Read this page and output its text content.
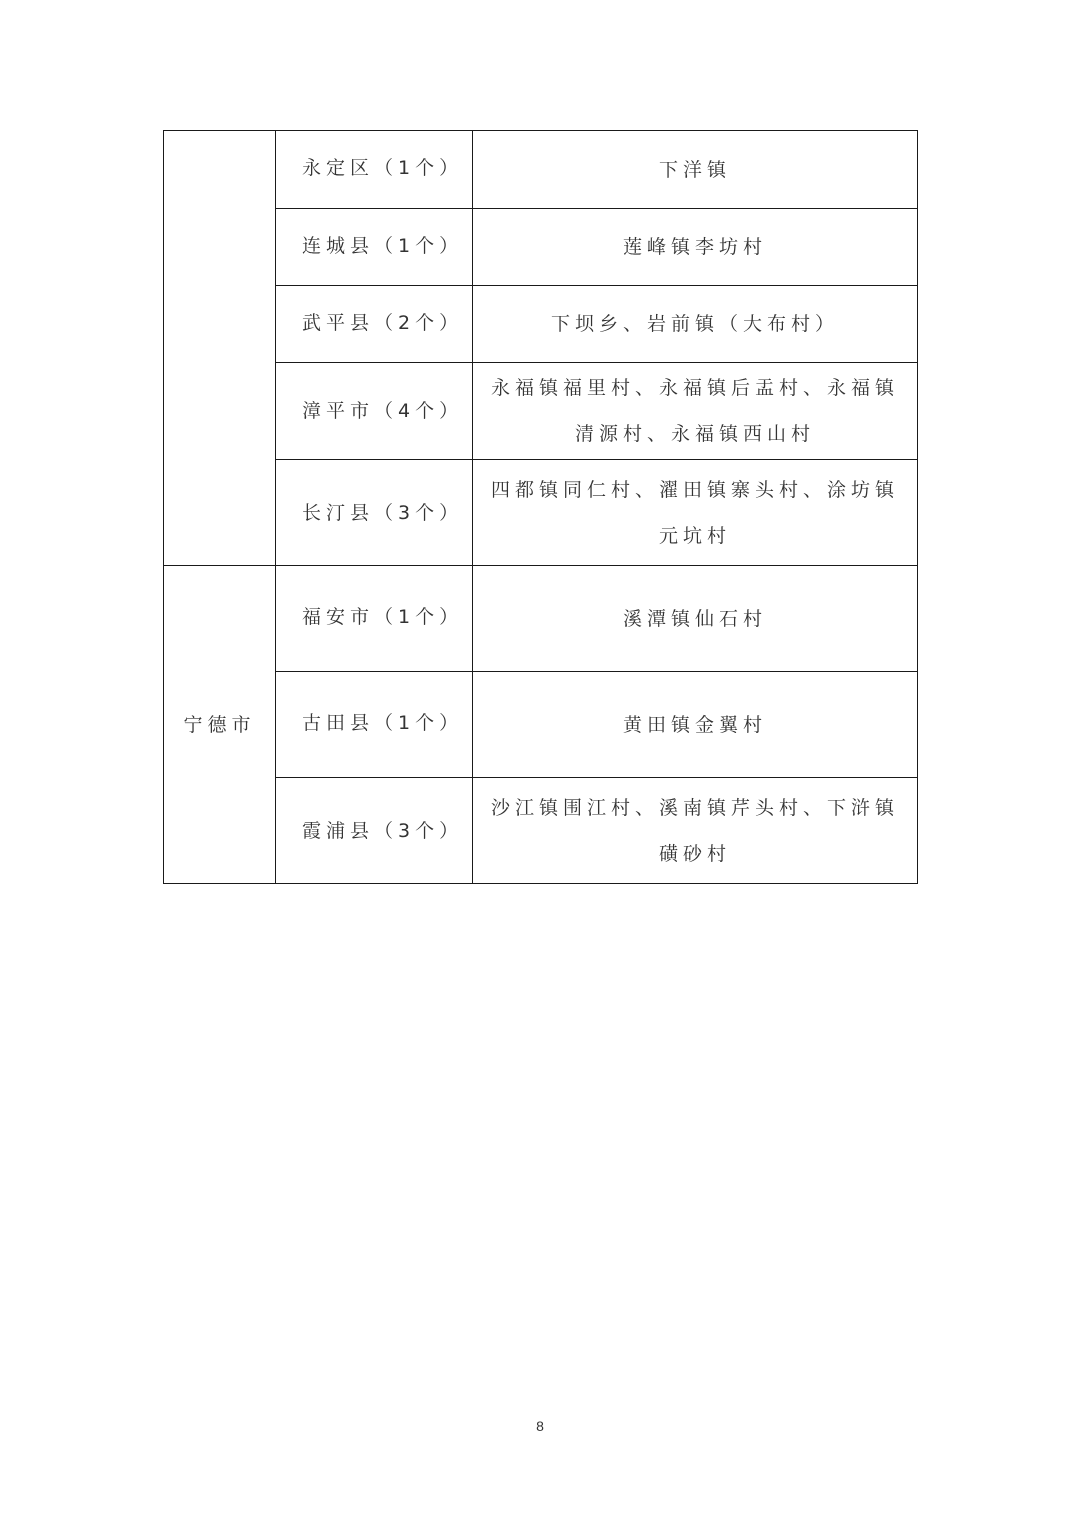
	永定区（1个）	下洋镇

	连城县（1个）	莲峰镇李坊村

	武平县（2个）	下坝乡、岩前镇（大布村）

	漳平市（4个）	永福镇福里村、永福镇后盂村、永福镇清源村、永福镇西山村

	长汀县（3个）	四都镇同仁村、濯田镇寨头村、涂坊镇元坑村

宁德市	福安市（1个）	溪潭镇仙石村

	古田县（1个）	黄田镇金翼村

	霞浦县（3个）	沙江镇围江村、溪南镇芹头村、下浒镇磺砂村
8
